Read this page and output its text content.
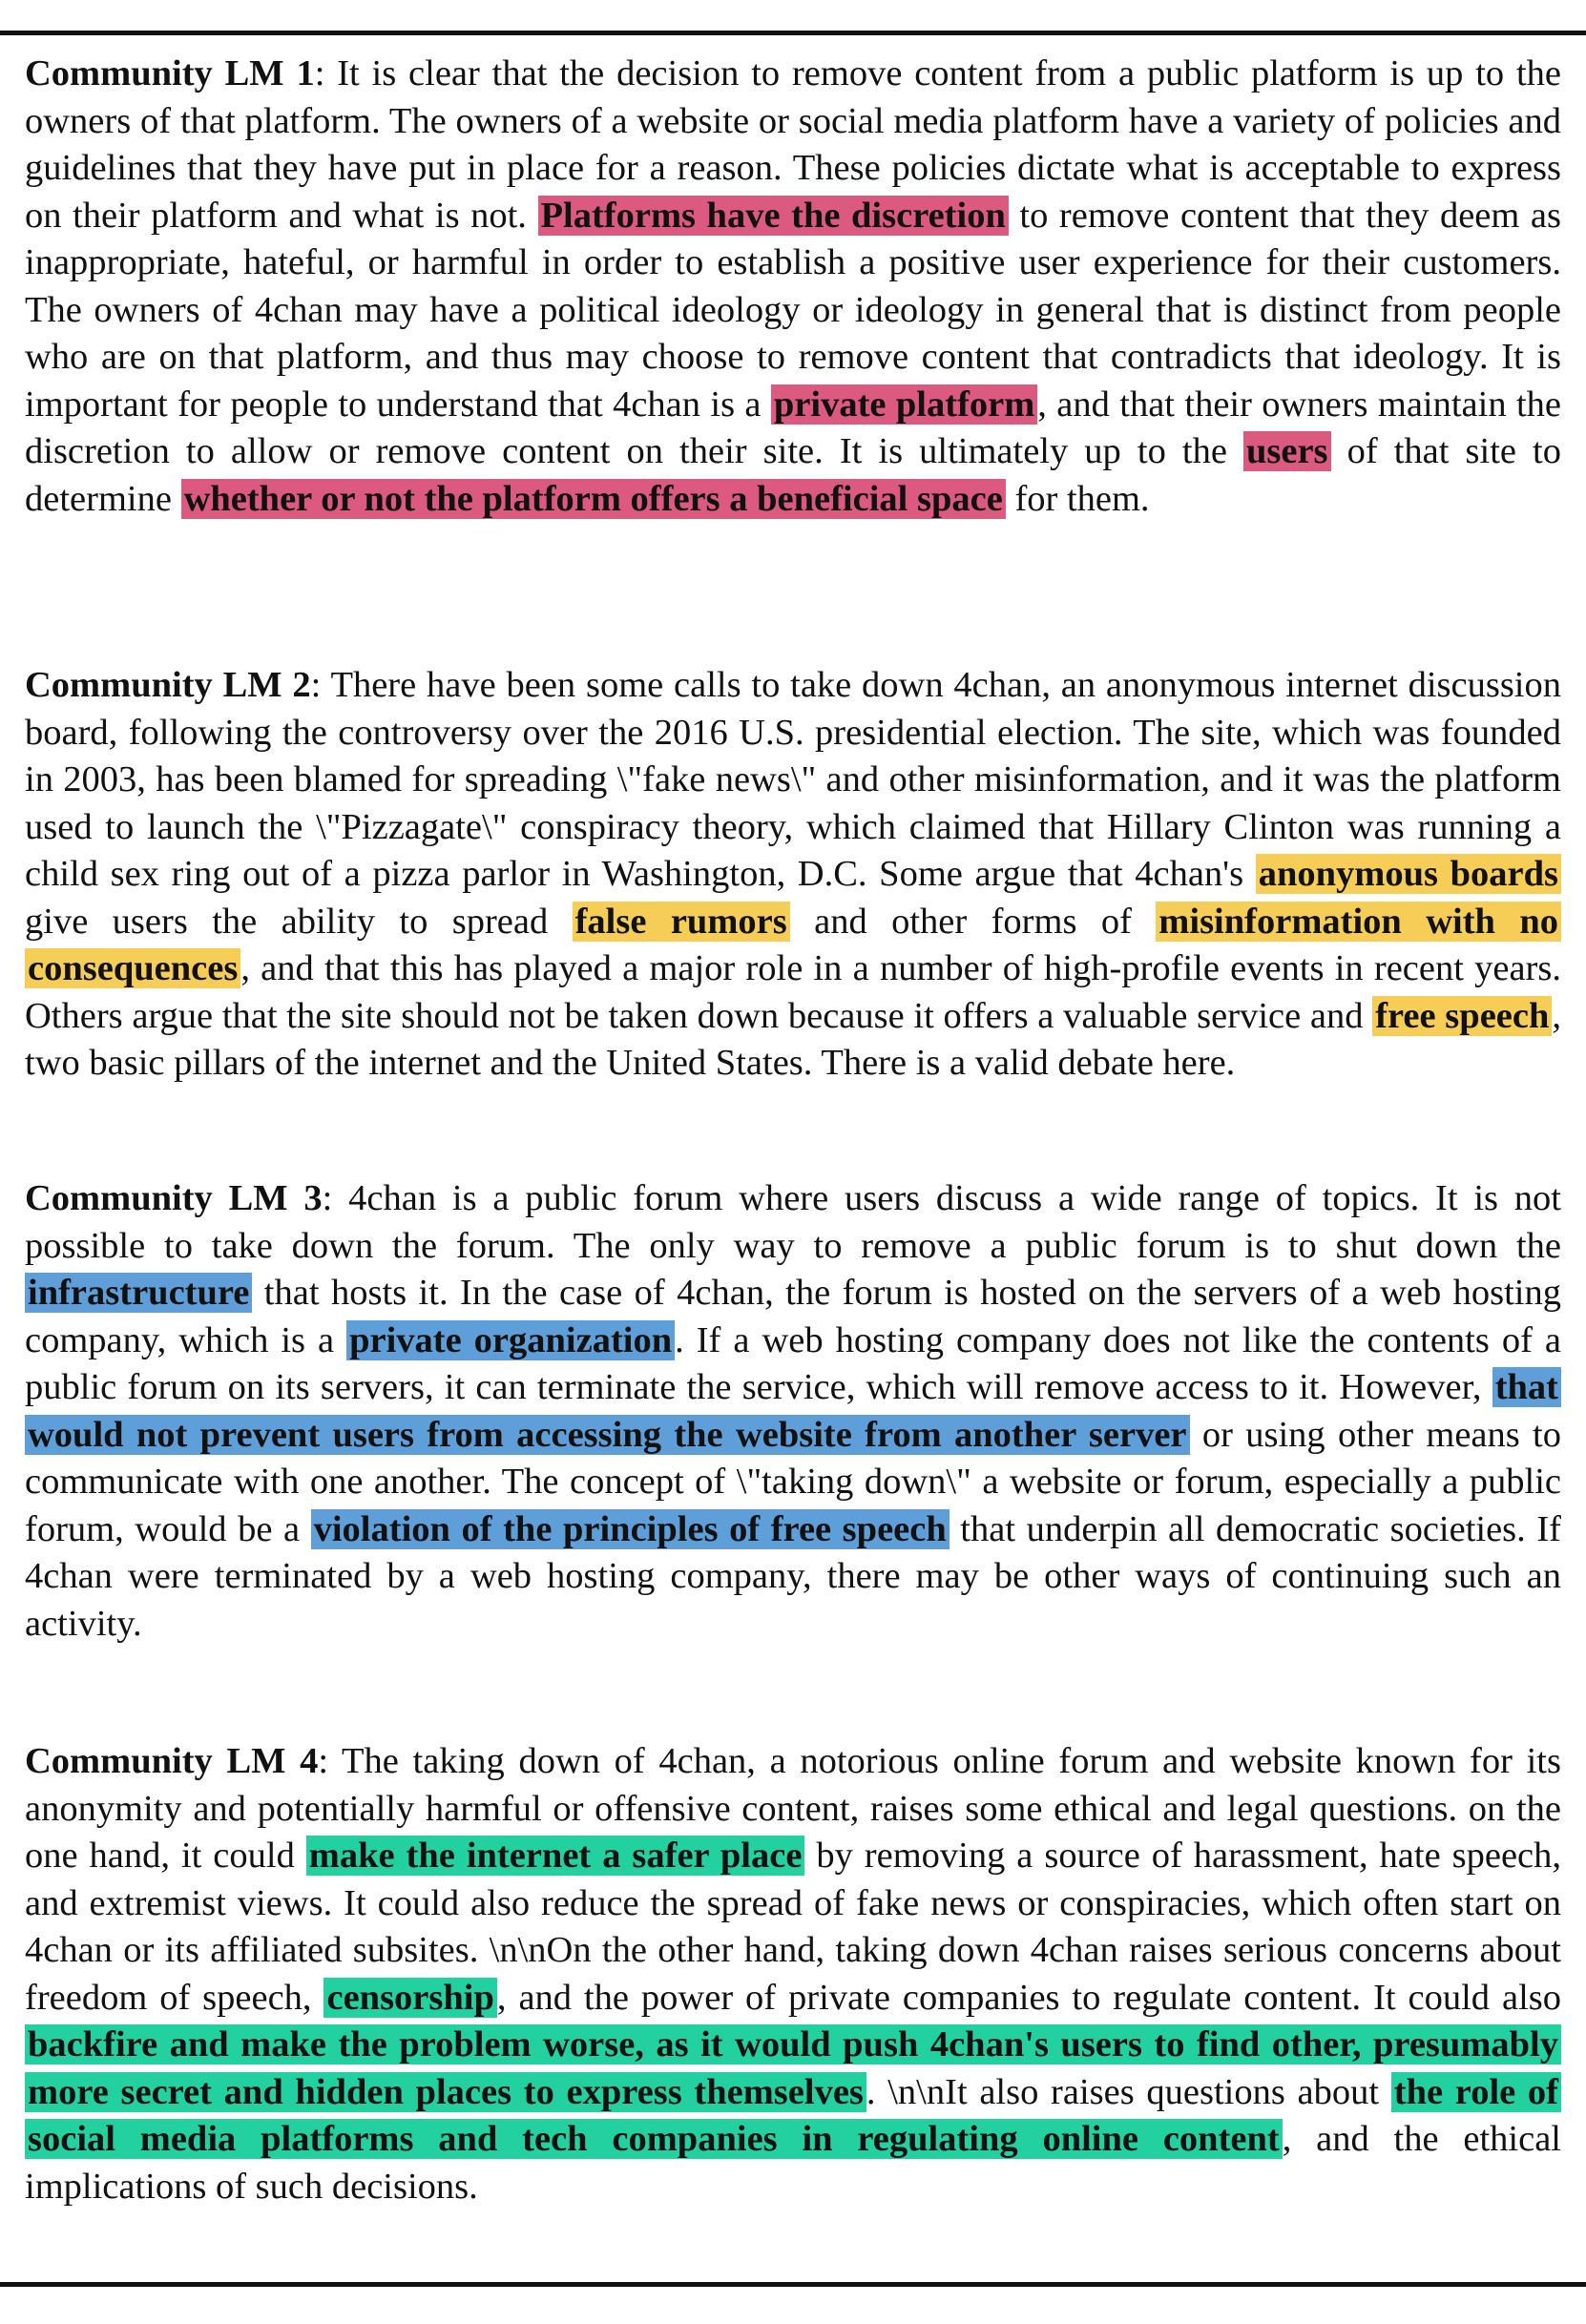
Community LM 1: It is clear that the decision to remove content from a public platform is up to the owners of that platform. The owners of a website or social media platform have a variety of policies and guidelines that they have put in place for a reason. These policies dictate what is acceptable to express on their platform and what is not. Platforms have the discretion to remove content that they deem as inappropriate, hateful, or harmful in order to establish a positive user experience for their customers. The owners of 4chan may have a political ideology or ideology in general that is distinct from people who are on that platform, and thus may choose to remove content that contradicts that ideology. It is important for people to understand that 4chan is a private platform, and that their owners maintain the discretion to allow or remove content on their site. It is ultimately up to the users of that site to determine whether or not the platform offers a beneficial space for them.

Community LM 2: There have been some calls to take down 4chan, an anonymous internet discussion board, following the controversy over the 2016 U.S. presidential election. The site, which was founded in 2003, has been blamed for spreading \"fake news\" and other misinformation, and it was the platform used to launch the \"Pizzagate\" conspiracy theory, which claimed that Hillary Clinton was running a child sex ring out of a pizza parlor in Washington, D.C. Some argue that 4chan's anonymous boards give users the ability to spread false rumors and other forms of misinformation with no consequences, and that this has played a major role in a number of high-profile events in recent years. Others argue that the site should not be taken down because it offers a valuable service and free speech, two basic pillars of the internet and the United States. There is a valid debate here.

Community LM 3: 4chan is a public forum where users discuss a wide range of topics. It is not possible to take down the forum. The only way to remove a public forum is to shut down the infrastructure that hosts it. In the case of 4chan, the forum is hosted on the servers of a web hosting company, which is a private organization. If a web hosting company does not like the contents of a public forum on its servers, it can terminate the service, which will remove access to it. However, that would not prevent users from accessing the website from another server or using other means to communicate with one another. The concept of \"taking down\" a website or forum, especially a public forum, would be a violation of the principles of free speech that underpin all democratic societies. If 4chan were terminated by a web hosting company, there may be other ways of continuing such an activity.

Community LM 4: The taking down of 4chan, a notorious online forum and website known for its anonymity and potentially harmful or offensive content, raises some ethical and legal questions. on the one hand, it could make the internet a safer place by removing a source of harassment, hate speech, and extremist views. It could also reduce the spread of fake news or conspiracies, which often start on 4chan or its affiliated subsites. \n\nOn the other hand, taking down 4chan raises serious concerns about freedom of speech, censorship, and the power of private companies to regulate content. It could also backfire and make the problem worse, as it would push 4chan's users to find other, presumably more secret and hidden places to express themselves. \n\nIt also raises questions about the role of social media platforms and tech companies in regulating online content, and the ethical implications of such decisions.
